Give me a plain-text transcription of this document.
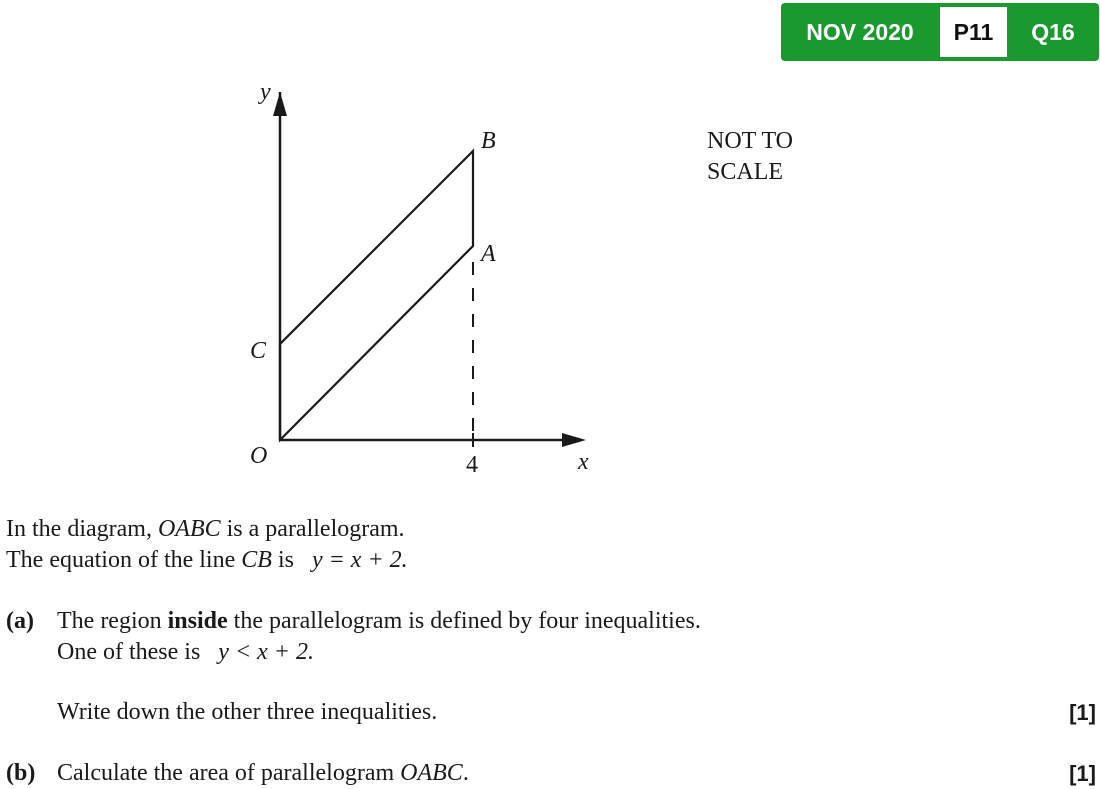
NOV 2020	P11	Q16
y
x
O
B
A
C
4
NOT TO
SCALE
In the diagram, OABC is a parallelogram.
The equation of the line CB is   y = x + 2.
(a) The region inside the parallelogram is defined by four inequalities.
One of these is   y < x + 2.
Write down the other three inequalities.	[1]
(b) Calculate the area of parallelogram OABC.	[1]
